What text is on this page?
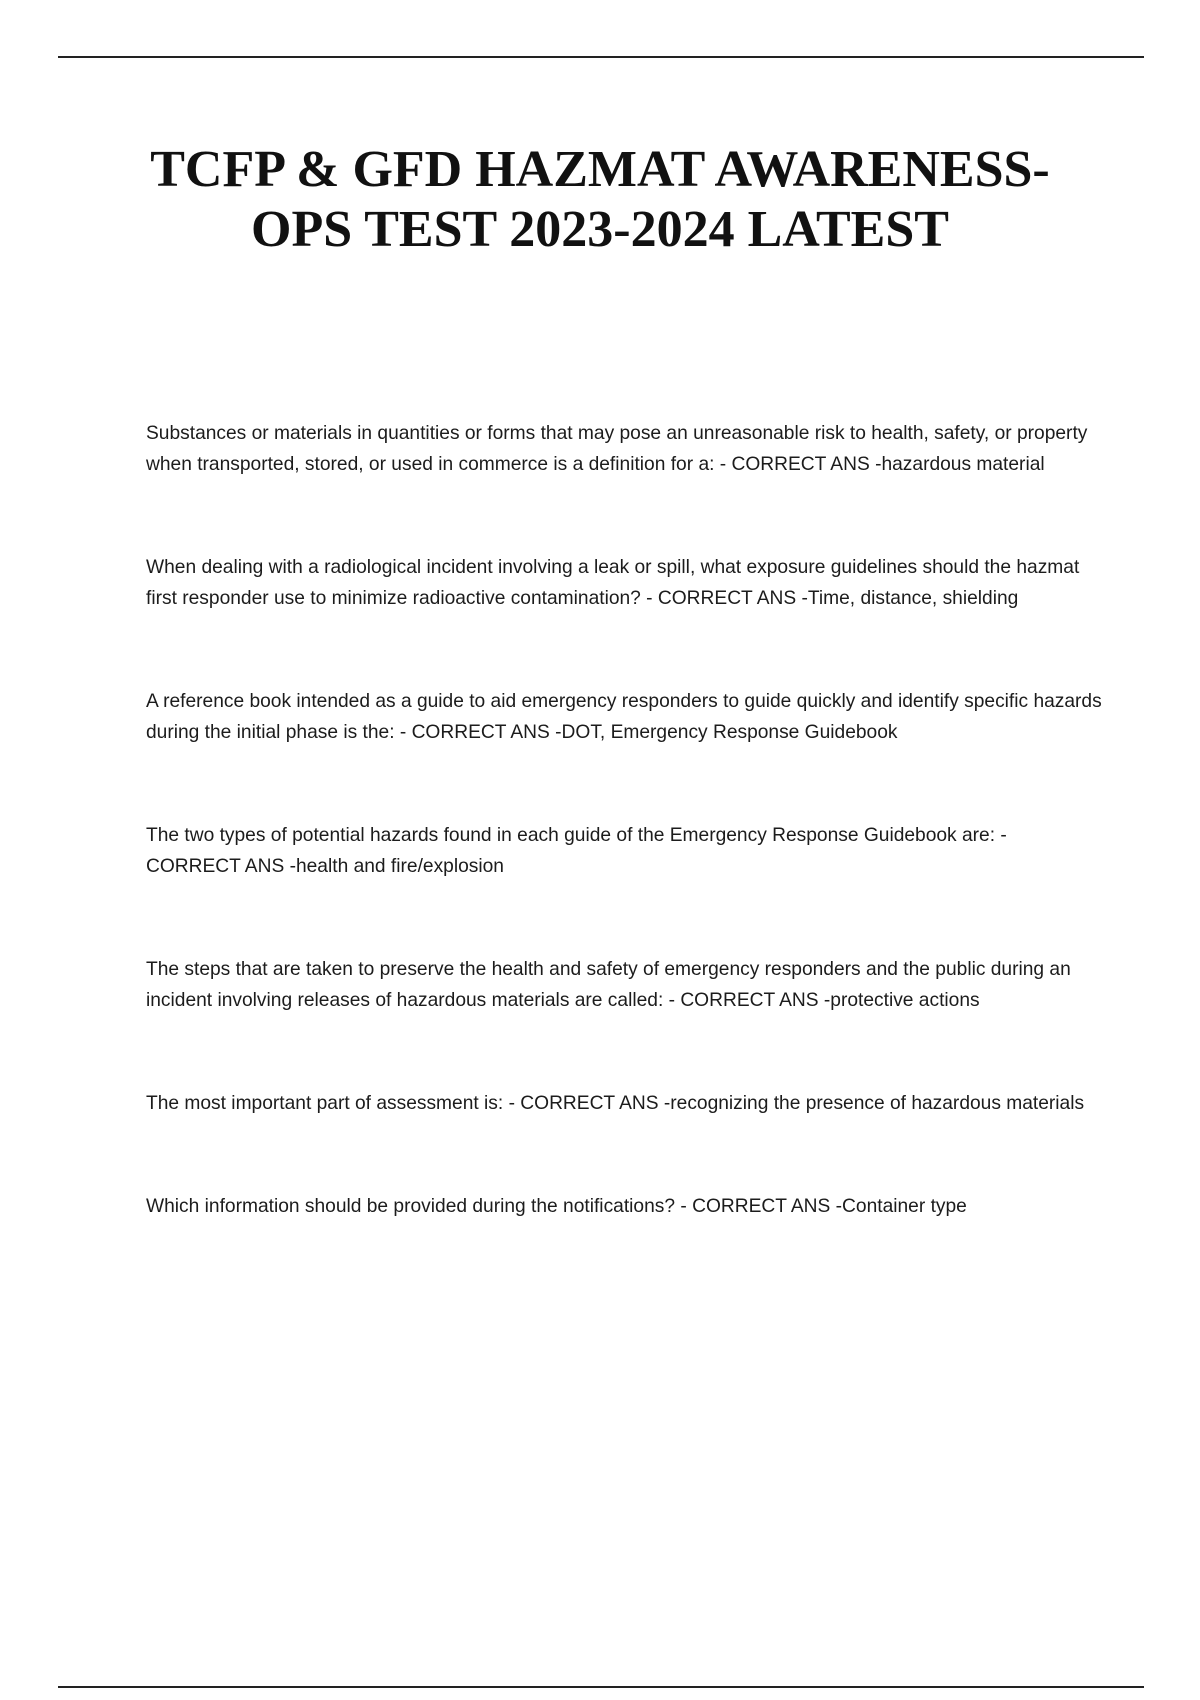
TCFP & GFD HAZMAT AWARENESS-
OPS TEST 2023-2024 LATEST
Substances or materials in quantities or forms that may pose an unreasonable risk to health, safety, or property when transported, stored, or used in commerce is a definition for a: - CORRECT ANS -hazardous material
When dealing with a radiological incident involving a leak or spill, what exposure guidelines should the hazmat first responder use to minimize radioactive contamination? - CORRECT ANS -Time, distance, shielding
A reference book intended as a guide to aid emergency responders to guide quickly and identify specific hazards during the initial phase is the: - CORRECT ANS -DOT, Emergency Response Guidebook
The two types of potential hazards found in each guide of the Emergency Response Guidebook are: - CORRECT ANS -health and fire/explosion
The steps that are taken to preserve the health and safety of emergency responders and the public during an incident involving releases of hazardous materials are called: - CORRECT ANS -protective actions
The most important part of assessment is: - CORRECT ANS -recognizing the presence of hazardous materials
Which information should be provided during the notifications? - CORRECT ANS -Container type
